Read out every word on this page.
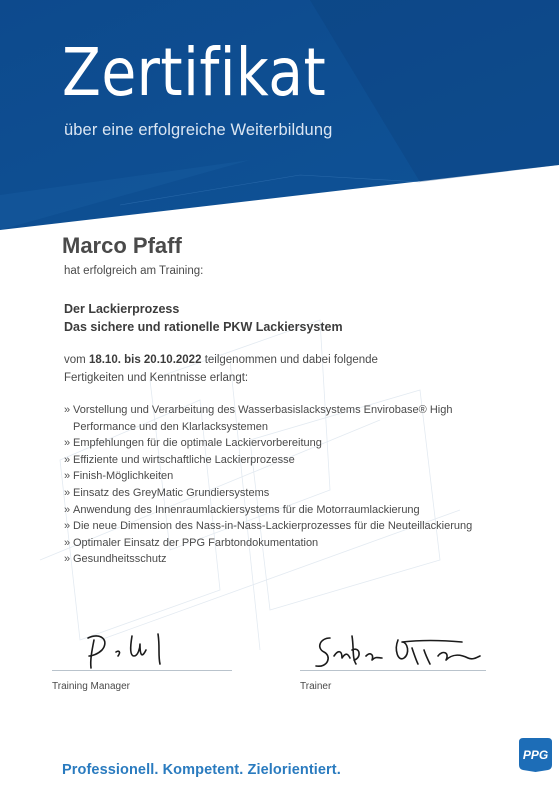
Zertifikat
über eine erfolgreiche Weiterbildung
Marco Pfaff
hat erfolgreich am Training:
Der Lackierprozess
Das sichere und rationelle PKW Lackiersystem
vom 18.10. bis 20.10.2022 teilgenommen und dabei folgende
Fertigkeiten und Kenntnisse erlangt:
» Vorstellung und Verarbeitung des Wasserbasislacksystems Envirobase® High
Performance und den Klarlacksystemen
» Empfehlungen für die optimale Lackiervorbereitung
» Effiziente und wirtschaftliche Lackierprozesse
» Finish-Möglichkeiten
» Einsatz des GreyMatic Grundiersystems
» Anwendung des Innenraumlackiersystems für die Motorraumlackierung
» Die neue Dimension des Nass-in-Nass-Lackierprozesses für die Neuteillackierung
» Optimaler Einsatz der PPG Farbtondokumentation
» Gesundheitsschutz
Training Manager	Trainer
Professionell. Kompetent. Zielorientiert.
PPG
